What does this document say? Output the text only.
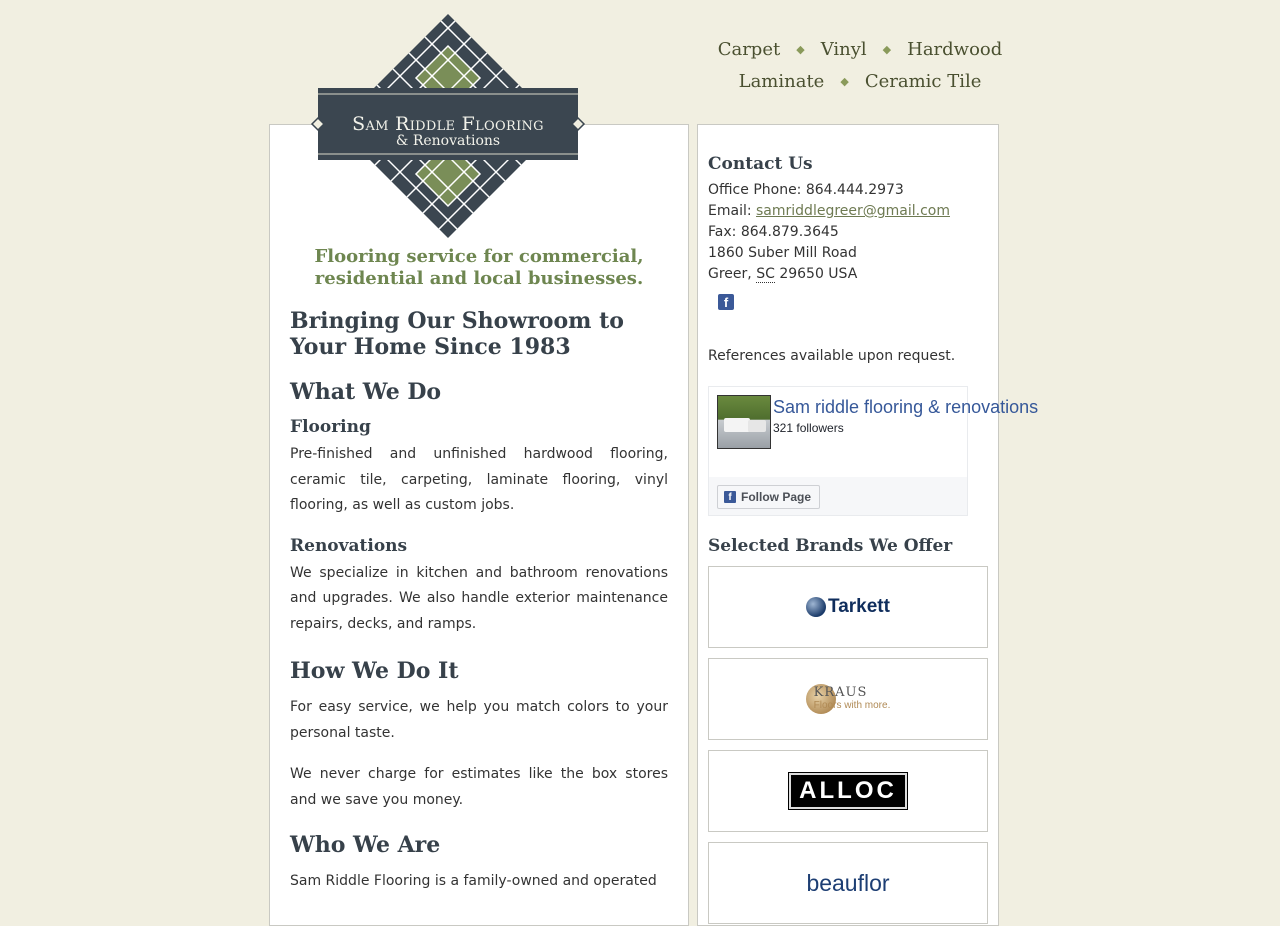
Carpet ◆ Vinyl ◆ Hardwood
Laminate ◆ Ceramic Tile
Sam Riddle Flooring
& Renovations
Flooring service for commercial, residential and local businesses.
Bringing Our Showroom to Your Home Since 1983
What We Do
Flooring

Pre-finished and unfinished hardwood flooring, ceramic tile, carpeting, laminate flooring, vinyl flooring, as well as custom jobs.

Renovations

We specialize in kitchen and bathroom renovations and upgrades. We also handle exterior maintenance repairs, decks, and ramps.

How We Do It

For easy service, we help you match colors to your personal taste.

We never charge for estimates like the box stores and we save you money.

Who We Are

Sam Riddle Flooring is a family-owned and operated

Contact Us
Office Phone: 864.444.2973
Email: samriddlegreer@gmail.com
Fax: 864.879.3645
1860 Suber Mill Road
Greer, SC 29650 USA
f
References available upon request.
Sam riddle flooring & renovations
321 followers
f Follow Page
Selected Brands We Offer
Tarkett
KRAUS
Floors with more.
ALLOC
beauflor
